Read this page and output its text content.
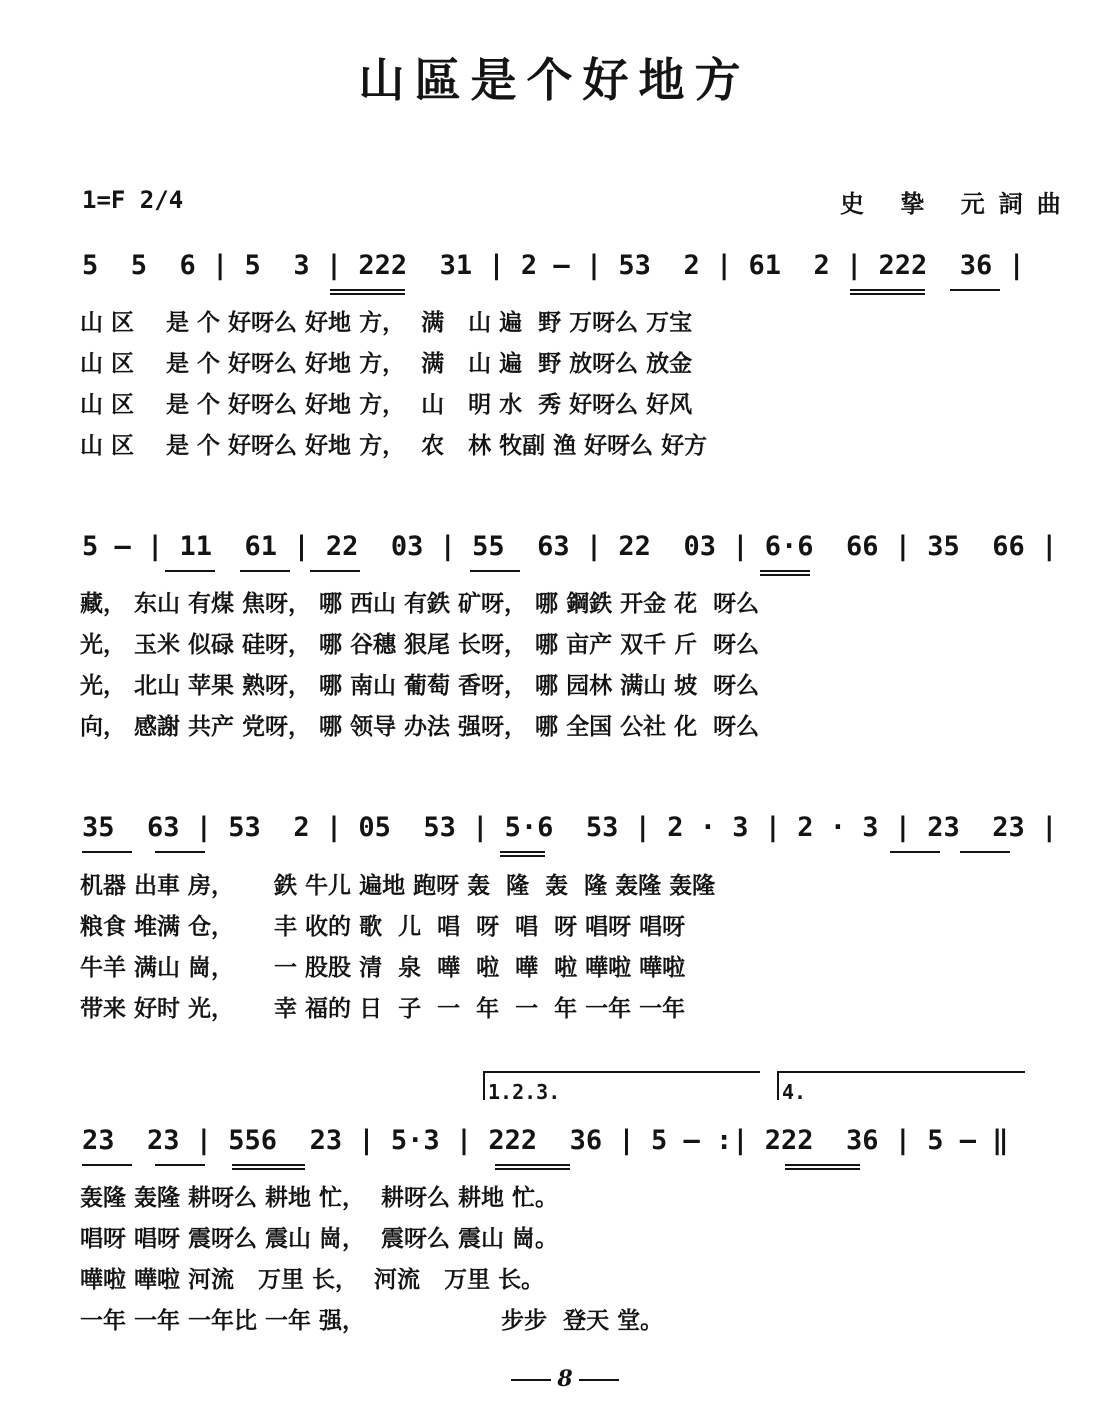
山區是个好地方
1=F 2/4	史 挚 元詞曲
5  5  6 | 5  3 | 222  31 | 2 — | 53  2 | 61  2 | 222  36 |
山 区    是 个 好呀么 好地 方，  满   山 遍  野 万呀么 万宝
山 区    是 个 好呀么 好地 方，  满   山 遍  野 放呀么 放金
山 区    是 个 好呀么 好地 方，  山   明 水  秀 好呀么 好风
山 区    是 个 好呀么 好地 方，  农   林 牧副 渔 好呀么 好方
5 — | 11  61 | 22  03 | 55  63 | 22  03 | 6·6  66 | 35  66 |
藏， 东山 有煤 焦呀， 哪 西山 有鉄 矿呀， 哪 鋼鉄 开金 花  呀么
光， 玉米 似碌 硅呀， 哪 谷穗 狠尾 长呀， 哪 亩产 双千 斤  呀么
光， 北山 苹果 熟呀， 哪 南山 葡萄 香呀， 哪 园林 满山 坡  呀么
向， 感謝 共产 党呀， 哪 领导 办法 强呀， 哪 全国 公社 化  呀么
35  63 | 53  2 | 05  53 | 5·6  53 | 2 · 3 | 2 · 3 | 23  23 |
机器 出車 房，     鉄 牛儿 遍地 跑呀 轰  隆  轰  隆 轰隆 轰隆
粮食 堆满 仓，     丰 收的 歌  儿  唱  呀  唱  呀 唱呀 唱呀
牛羊 满山 崗，     一 股股 清  泉  嘩  啦  嘩  啦 嘩啦 嘩啦
带来 好时 光，     幸 福的 日  子  一  年  一  年 一年 一年
1.2.3.	4.
23  23 | 556  23 | 5·3 | 222  36 | 5 — :| 222  36 | 5 — ‖
轰隆 轰隆 耕呀么 耕地 忙，  耕呀么 耕地 忙。
唱呀 唱呀 震呀么 震山 崗，  震呀么 震山 崗。
嘩啦 嘩啦 河流   万里 长，  河流   万里 长。
一年 一年 一年比 一年 强，                 步步  登天 堂。
8
